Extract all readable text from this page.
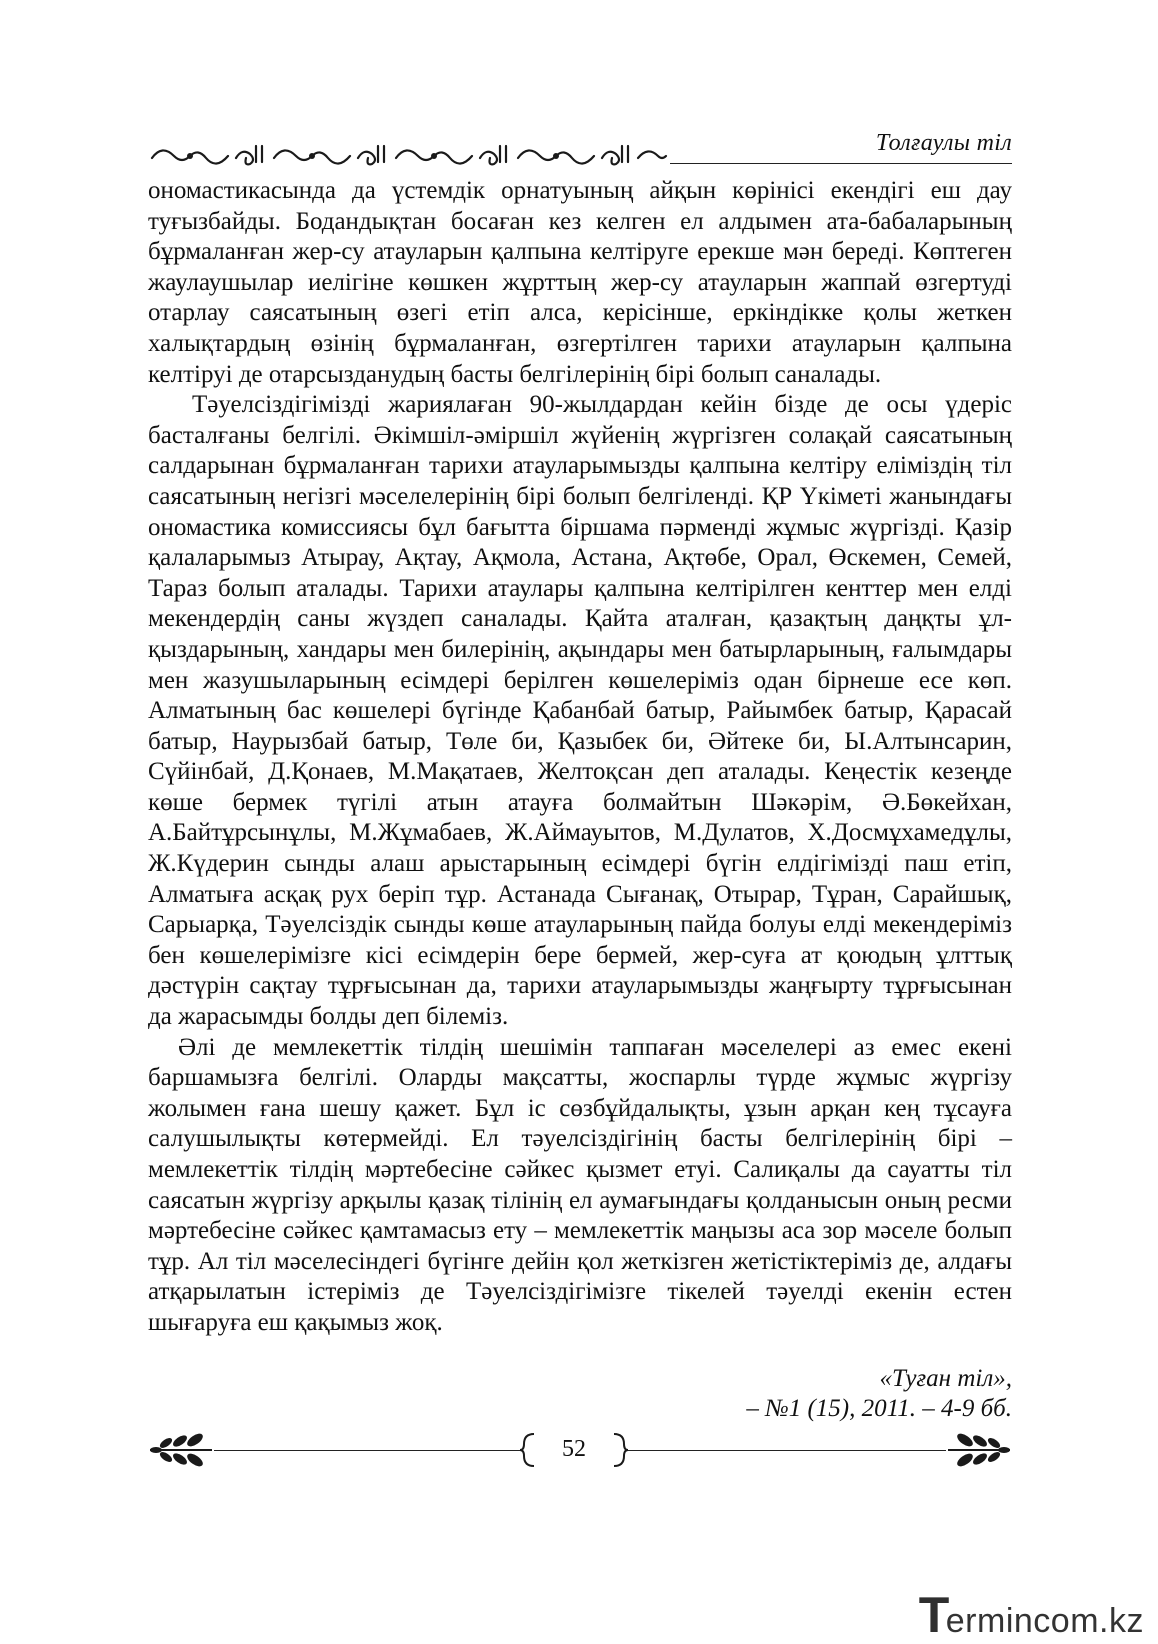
Толғаулы тіл

ономастикасында да үстемдік орнатуының айқын көрінісі екендігі еш дау туғызбайды. Бодандықтан босаған кез келген ел алдымен ата-бабаларының бұрмаланған жер-су атауларын қалпына келтіруге ерекше мән береді. Көптеген жаулаушылар иелігіне көшкен жұрттың жер-су атауларын жаппай өзгертуді отарлау саясатының өзегі етіп алса, керісінше, еркіндікке қолы жеткен халықтардың өзінің бұрмаланған, өзгертілген тарихи атауларын қалпына келтіруі де отарсызданудың басты белгілерінің бірі болып саналады.

Тәуелсіздігімізді жариялаған 90-жылдардан кейін бізде де осы үдеріс басталғаны белгілі. Әкімшіл-әміршіл жүйенің жүргізген солақай саясатының салдарынан бұрмаланған тарихи атауларымызды қалпына келтіру еліміздің тіл саясатының негізгі мәселелерінің бірі болып белгіленді. ҚР Үкіметі жанындағы ономастика комиссиясы бұл бағытта біршама пәрменді жұмыс жүргізді. Қазір қалаларымыз Атырау, Ақтау, Ақмола, Астана, Ақтөбе, Орал, Өскемен, Семей, Тараз болып аталады. Тарихи атаулары қалпына келтірілген кенттер мен елді мекендердің саны жүздеп саналады. Қайта аталған, қазақтың даңқты ұл-қыздарының, хандары мен билерінің, ақындары мен батырларының, ғалымдары мен жазушыларының есімдері берілген көшелеріміз одан бірнеше есе көп. Алматының бас көшелері бүгінде Қабанбай батыр, Райымбек батыр, Қарасай батыр, Наурызбай батыр, Төле би, Қазыбек би, Әйтеке би, Ы.Алтынсарин, Сүйінбай, Д.Қонаев, М.Мақатаев, Желтоқсан деп аталады. Кеңестік кезеңде көше бермек түгілі атын атауға болмайтын Шәкәрім, Ә.Бөкейхан, А.Байтұрсынұлы, М.Жұмабаев, Ж.Аймауытов, М.Дулатов, Х.Досмұхамедұлы, Ж.Күдерин сынды алаш арыстарының есімдері бүгін елдігімізді паш етіп, Алматыға асқақ рух беріп тұр. Астанада Сығанақ, Отырар, Тұран, Сарайшық, Сарыарқа, Тәуелсіздік сынды көше атауларының пайда болуы елді мекендеріміз бен көшелерімізге кісі есімдерін бере бермей, жер-суға ат қоюдың ұлттық дәстүрін сақтау тұрғысынан да, тарихи атауларымызды жаңғырту тұрғысынан да жарасымды болды деп білеміз.

Әлі де мемлекеттік тілдің шешімін таппаған мәселелері аз емес екені баршамызға белгілі. Оларды мақсатты, жоспарлы түрде жұмыс жүргізу жолымен ғана шешу қажет. Бұл іс сөзбұйдалықты, ұзын арқан кең тұсауға салушылықты көтермейді. Ел тәуелсіздігінің басты белгілерінің бірі – мемлекеттік тілдің мәртебесіне сәйкес қызмет етуі. Салиқалы да сауатты тіл саясатын жүргізу арқылы қазақ тілінің ел аумағындағы қолданысын оның ресми мәртебесіне сәйкес қамтамасыз ету – мемлекеттік маңызы аса зор мәселе болып тұр. Ал тіл мәселесіндегі бүгінге дейін қол жеткізген жетістіктеріміз де, алдағы атқарылатын істеріміз де Тәуелсіздігімізге тікелей тәуелді екенін естен шығаруға еш қақымыз жоқ.

«Туған тіл»,
– №1 (15), 2011. – 4-9 бб.
52
Termincom.kz
